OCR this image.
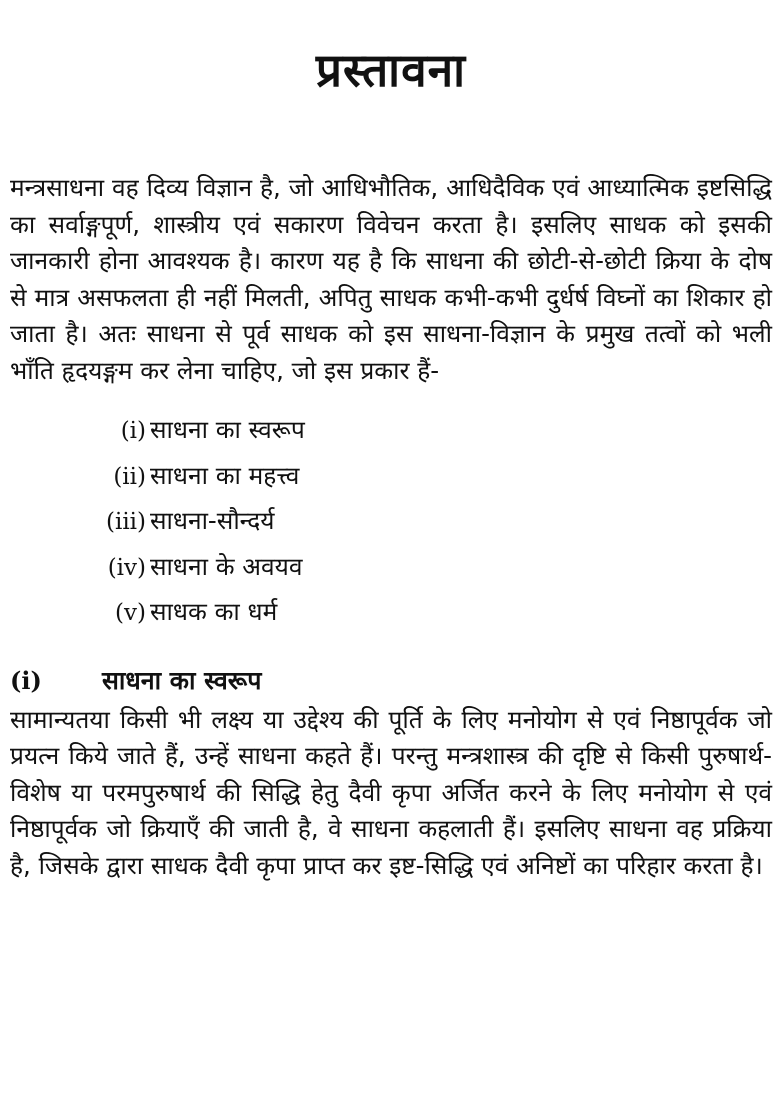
प्रस्तावना

मन्त्रसाधना वह दिव्य विज्ञान है, जो आधिभौतिक, आधिदैविक एवं आध्यात्मिक इष्टसिद्धि का सर्वाङ्गपूर्ण, शास्त्रीय एवं सकारण विवेचन करता है। इसलिए साधक को इसकी जानकारी होना आवश्यक है। कारण यह है कि साधना की छोटी-से-छोटी क्रिया के दोष से मात्र असफलता ही नहीं मिलती, अपितु साधक कभी-कभी दुर्धर्ष विघ्नों का शिकार हो जाता है। अतः साधना से पूर्व साधक को इस साधना-विज्ञान के प्रमुख तत्वों को भली भाँति हृदयङ्गम कर लेना चाहिए, जो इस प्रकार हैं-

(i) साधना का स्वरूप
(ii) साधना का महत्त्व
(iii) साधना-सौन्दर्य
(iv) साधना के अवयव
(v) साधक का धर्म
(i)	साधना का स्वरूप

सामान्यतया किसी भी लक्ष्य या उद्देश्य की पूर्ति के लिए मनोयोग से एवं निष्ठापूर्वक जो प्रयत्न किये जाते हैं, उन्हें साधना कहते हैं। परन्तु मन्त्रशास्त्र की दृष्टि से किसी पुरुषार्थ-विशेष या परमपुरुषार्थ की सिद्धि हेतु दैवी कृपा अर्जित करने के लिए मनोयोग से एवं निष्ठापूर्वक जो क्रियाएँ की जाती है, वे साधना कहलाती हैं। इसलिए साधना वह प्रक्रिया है, जिसके द्वारा साधक दैवी कृपा प्राप्त कर इष्ट-सिद्धि एवं अनिष्टों का परिहार करता है।
